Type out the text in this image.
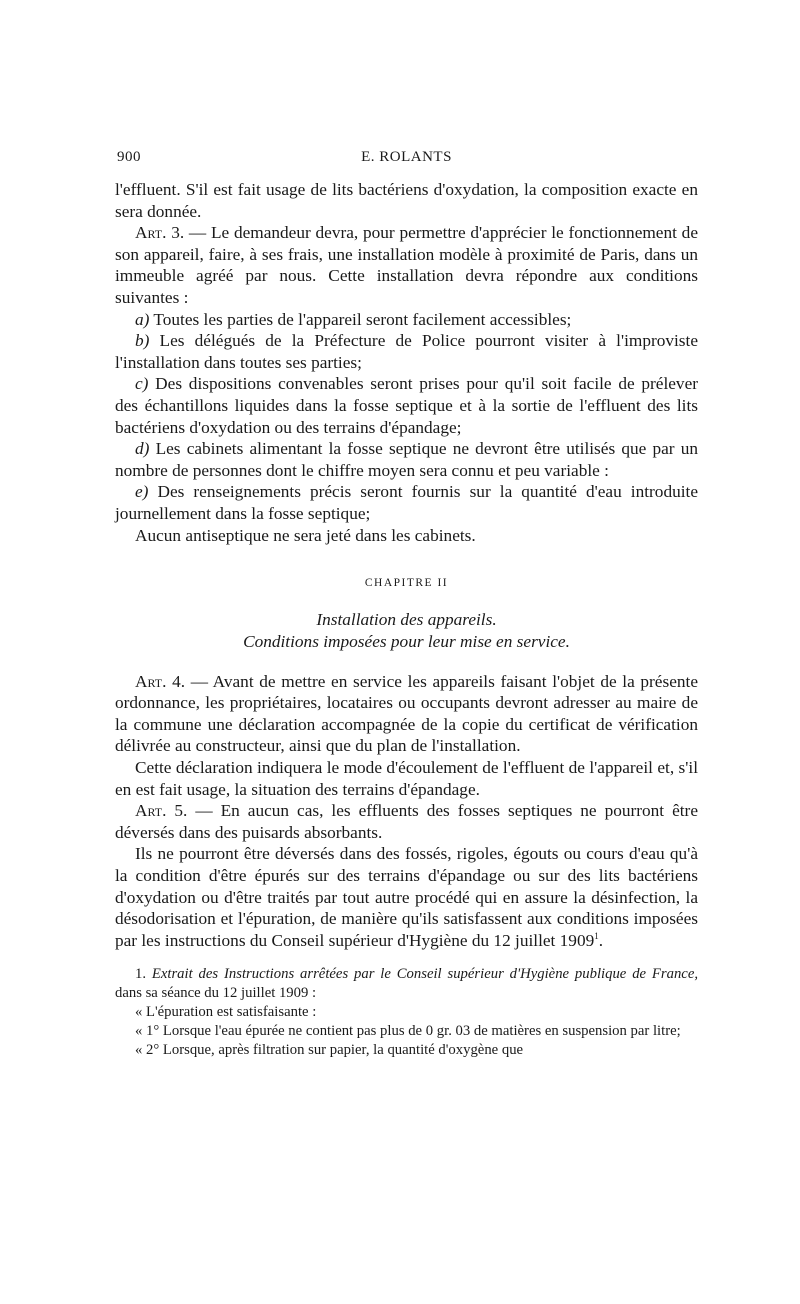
900	E. ROLANTS

l'effluent. S'il est fait usage de lits bactériens d'oxydation, la composition exacte en sera donnée.

Art. 3. — Le demandeur devra, pour permettre d'apprécier le fonctionnement de son appareil, faire, à ses frais, une installation modèle à proximité de Paris, dans un immeuble agréé par nous. Cette installation devra répondre aux conditions suivantes :

a) Toutes les parties de l'appareil seront facilement accessibles;

b) Les délégués de la Préfecture de Police pourront visiter à l'improviste l'installation dans toutes ses parties;

c) Des dispositions convenables seront prises pour qu'il soit facile de prélever des échantillons liquides dans la fosse septique et à la sortie de l'effluent des lits bactériens d'oxydation ou des terrains d'épandage;

d) Les cabinets alimentant la fosse septique ne devront être utilisés que par un nombre de personnes dont le chiffre moyen sera connu et peu variable :

e) Des renseignements précis seront fournis sur la quantité d'eau introduite journellement dans la fosse septique;

Aucun antiseptique ne sera jeté dans les cabinets.

CHAPITRE II
Installation des appareils.
Conditions imposées pour leur mise en service.

Art. 4. — Avant de mettre en service les appareils faisant l'objet de la présente ordonnance, les propriétaires, locataires ou occupants devront adresser au maire de la commune une déclaration accompagnée de la copie du certificat de vérification délivrée au constructeur, ainsi que du plan de l'installation.

Cette déclaration indiquera le mode d'écoulement de l'effluent de l'appareil et, s'il en est fait usage, la situation des terrains d'épandage.

Art. 5. — En aucun cas, les effluents des fosses septiques ne pourront être déversés dans des puisards absorbants.

Ils ne pourront être déversés dans des fossés, rigoles, égouts ou cours d'eau qu'à la condition d'être épurés sur des terrains d'épandage ou sur des lits bactériens d'oxydation ou d'être traités par tout autre procédé qui en assure la désinfection, la désodorisation et l'épuration, de manière qu'ils satisfassent aux conditions imposées par les instructions du Conseil supérieur d'Hygiène du 12 juillet 1909$^1$.

1. Extrait des Instructions arrêtées par le Conseil supérieur d'Hygiène publique de France, dans sa séance du 12 juillet 1909 :

« L'épuration est satisfaisante :

« 1° Lorsque l'eau épurée ne contient pas plus de 0 gr. 03 de matières en suspension par litre;

« 2° Lorsque, après filtration sur papier, la quantité d'oxygène que
